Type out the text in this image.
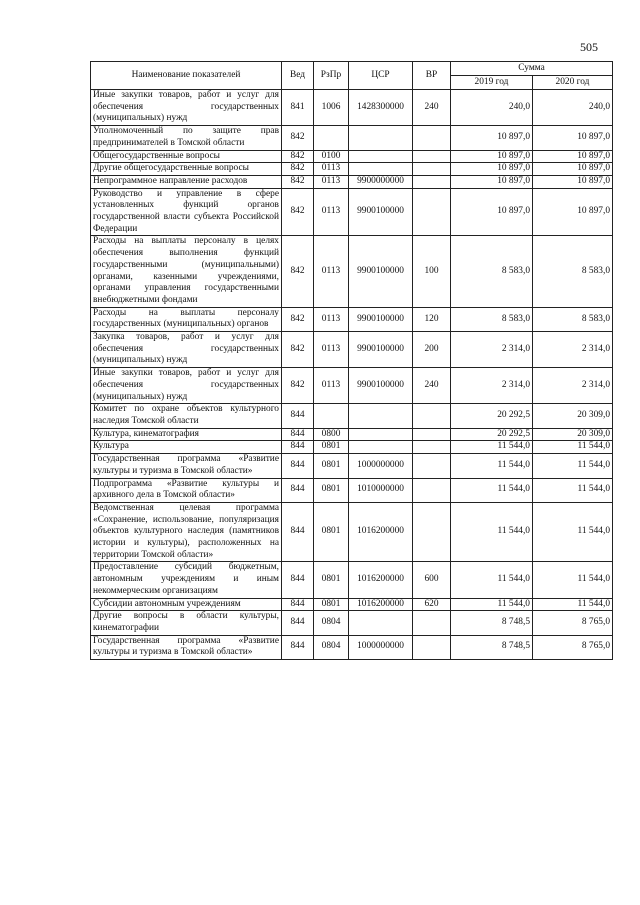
505
Наименование показателей	Вед	РзПр	ЦСР	ВР	Сумма	
					2019 год	2020 год
Иные закупки товаров, работ и услуг для обеспечения государственных (муниципальных) нужд	841	1006	1428300000	240	240,0	240,0
Уполномоченный по защите прав предпринимателей в Томской области	842				10 897,0	10 897,0
Общегосударственные вопросы	842	0100			10 897,0	10 897,0
Другие общегосударственные вопросы	842	0113			10 897,0	10 897,0
Непрограммное направление расходов	842	0113	9900000000		10 897,0	10 897,0
Руководство и управление в сфере установленных функций органов государственной власти субъекта Российской Федерации	842	0113	9900100000		10 897,0	10 897,0
Расходы на выплаты персоналу в целях обеспечения выполнения функций государственными (муниципальными) органами, казенными учреждениями, органами управления государственными внебюджетными фондами	842	0113	9900100000	100	8 583,0	8 583,0
Расходы на выплаты персоналу государственных (муниципальных) органов	842	0113	9900100000	120	8 583,0	8 583,0
Закупка товаров, работ и услуг для обеспечения государственных (муниципальных) нужд	842	0113	9900100000	200	2 314,0	2 314,0
Иные закупки товаров, работ и услуг для обеспечения государственных (муниципальных) нужд	842	0113	9900100000	240	2 314,0	2 314,0
Комитет по охране объектов культурного наследия Томской области	844				20 292,5	20 309,0
Культура, кинематография	844	0800			20 292,5	20 309,0
Культура	844	0801			11 544,0	11 544,0
Государственная программа «Развитие культуры и туризма в Томской области»	844	0801	1000000000		11 544,0	11 544,0
Подпрограмма «Развитие культуры и архивного дела в Томской области»	844	0801	1010000000		11 544,0	11 544,0
Ведомственная целевая программа «Сохранение, использование, популяризация объектов культурного наследия (памятников истории и культуры), расположенных на территории Томской области»	844	0801	1016200000		11 544,0	11 544,0
Предоставление субсидий бюджетным, автономным учреждениям и иным некоммерческим организациям	844	0801	1016200000	600	11 544,0	11 544,0
Субсидии автономным учреждениям	844	0801	1016200000	620	11 544,0	11 544,0
Другие вопросы в области культуры, кинематографии	844	0804			8 748,5	8 765,0
Государственная программа «Развитие культуры и туризма в Томской области»	844	0804	1000000000		8 748,5	8 765,0
